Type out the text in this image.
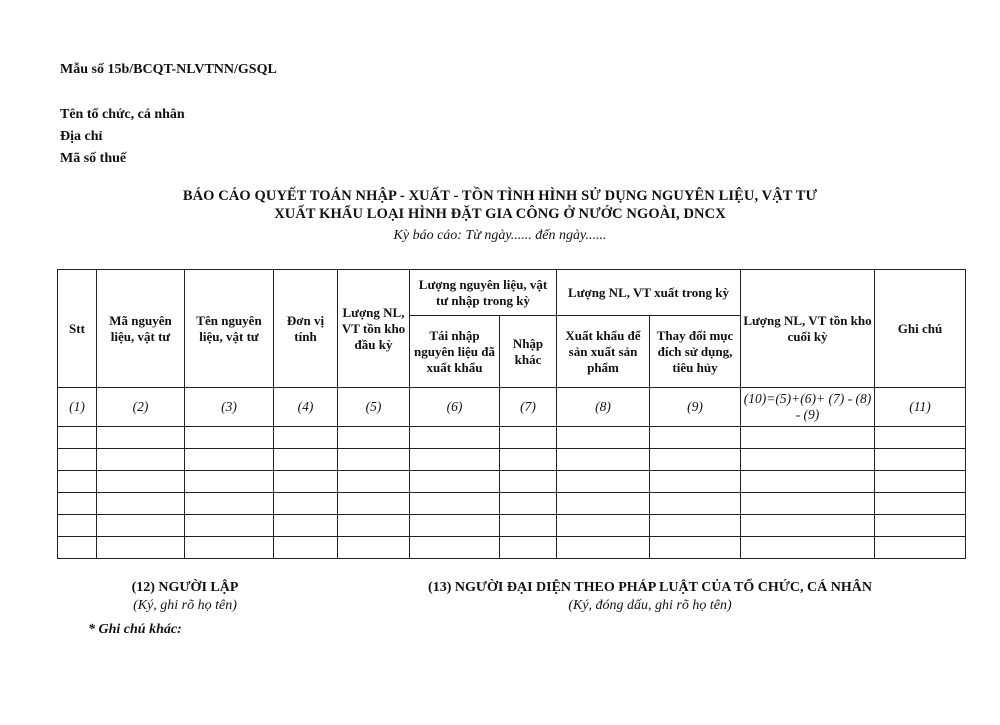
Mẫu số 15b/BCQT-NLVTNN/GSQL
Tên tổ chức, cá nhân
Địa chỉ
Mã số thuế
BÁO CÁO QUYẾT TOÁN NHẬP - XUẤT - TỒN TÌNH HÌNH SỬ DỤNG NGUYÊN LIỆU, VẬT TƯ
XUẤT KHẨU LOẠI HÌNH ĐẶT GIA CÔNG Ở NƯỚC NGOÀI, DNCX
Kỳ báo cáo: Từ ngày...... đến ngày......
Stt	Mã nguyên liệu, vật tư	Tên nguyên liệu, vật tư	Đơn vị tính	Lượng NL, VT tồn kho đầu kỳ	Lượng nguyên liệu, vật tư nhập trong kỳ		Lượng NL, VT xuất trong kỳ		Lượng NL, VT tồn kho cuối kỳ	Ghi chú
					Tái nhập nguyên liệu đã xuất khẩu	Nhập khác	Xuất khẩu để sản xuất sản phẩm	Thay đổi mục đích sử dụng, tiêu hủy		
(1)	(2)	(3)	(4)	(5)	(6)	(7)	(8)	(9)	(10)=(5)+(6)+ (7) - (8) - (9)	(11)

(12) NGƯỜI LẬP
(Ký, ghi rõ họ tên)
(13) NGƯỜI ĐẠI DIỆN THEO PHÁP LUẬT CỦA TỔ CHỨC, CÁ NHÂN
(Ký, đóng dấu, ghi rõ họ tên)
* Ghi chú khác:
